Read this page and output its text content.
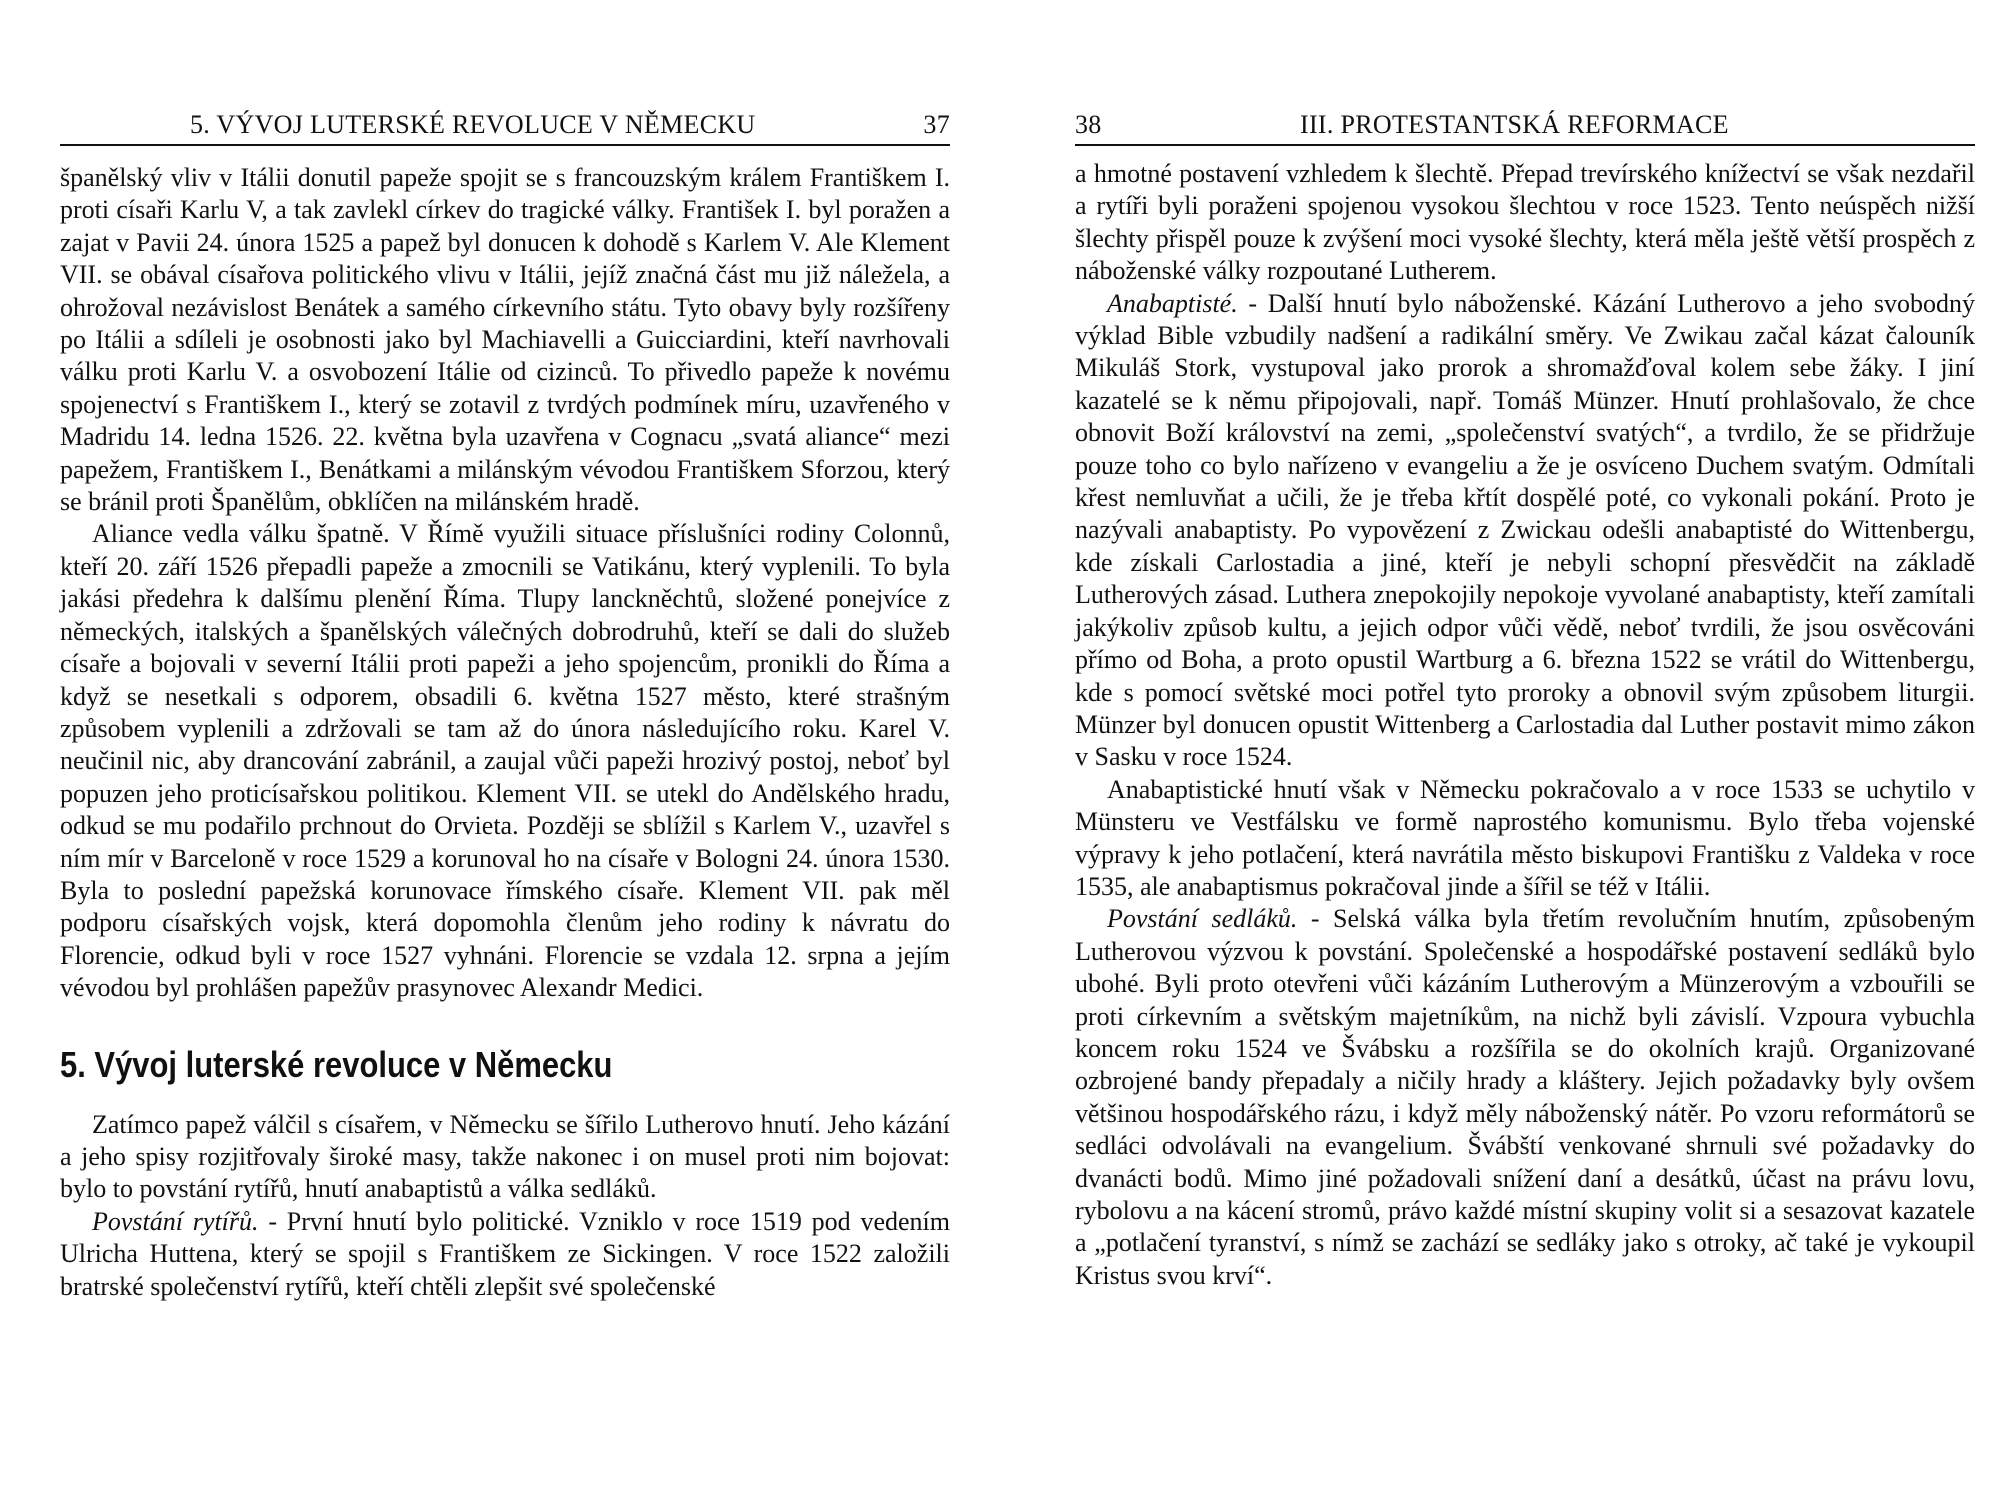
5. VÝVOJ LUTERSKÉ REVOLUCE V NĚMECKU	37

španělský vliv v Itálii donutil papeže spojit se s francouzským králem Františkem I. proti císaři Karlu V, a tak zavlekl církev do tragické války. František I. byl poražen a zajat v Pavii 24. února 1525 a papež byl donucen k dohodě s Karlem V. Ale Klement VII. se obával císařova politického vlivu v Itálii, jejíž značná část mu již náležela, a ohrožoval nezávislost Benátek a samého církevního státu. Tyto obavy byly rozšířeny po Itálii a sdíleli je osobnosti jako byl Machiavelli a Guicciardini, kteří navrhovali válku proti Karlu V. a osvobození Itálie od cizinců. To přivedlo papeže k novému spojenectví s Františkem I., který se zotavil z tvrdých podmínek míru, uzavřeného v Madridu 14. ledna 1526. 22. května byla uzavřena v Cognacu „svatá aliance“ mezi papežem, Františkem I., Benátkami a milánským vévodou Františkem Sforzou, který se bránil proti Španělům, obklíčen na milánském hradě.

Aliance vedla válku špatně. V Římě využili situace příslušníci rodiny Colonnů, kteří 20. září 1526 přepadli papeže a zmocnili se Vatikánu, který vyplenili. To byla jakási předehra k dalšímu plenění Říma. Tlupy lanckněchtů, složené ponejvíce z německých, italských a španělských válečných dobrodruhů, kteří se dali do služeb císaře a bojovali v severní Itálii proti papeži a jeho spojencům, pronikli do Říma a když se nesetkali s odporem, obsadili 6. května 1527 město, které strašným způsobem vyplenili a zdržovali se tam až do února následujícího roku. Karel V. neučinil nic, aby drancování zabránil, a zaujal vůči papeži hrozivý postoj, neboť byl popuzen jeho proticísařskou politikou. Klement VII. se utekl do Andělského hradu, odkud se mu podařilo prchnout do Orvieta. Později se sblížil s Karlem V., uzavřel s ním mír v Barceloně v roce 1529 a korunoval ho na císaře v Bologni 24. února 1530. Byla to poslední papežská korunovace římského císaře. Klement VII. pak měl podporu císařských vojsk, která dopomohla členům jeho rodiny k návratu do Florencie, odkud byli v roce 1527 vyhnáni. Florencie se vzdala 12. srpna a jejím vévodou byl prohlášen papežův prasynovec Alexandr Medici.

5. Vývoj luterské revoluce v Německu

Zatímco papež válčil s císařem, v Německu se šířilo Lutherovo hnutí. Jeho kázání a jeho spisy rozjitřovaly široké masy, takže nakonec i on musel proti nim bojovat: bylo to povstání rytířů, hnutí anabaptistů a válka sedláků.

Povstání rytířů. - První hnutí bylo politické. Vzniklo v roce 1519 pod vedením Ulricha Huttena, který se spojil s Františkem ze Sickingen. V roce 1522 založili bratrské společenství rytířů, kteří chtěli zlepšit své společenské

38	III. PROTESTANTSKÁ REFORMACE

a hmotné postavení vzhledem k šlechtě. Přepad trevírského knížectví se však nezdařil a rytíři byli poraženi spojenou vysokou šlechtou v roce 1523. Tento neúspěch nižší šlechty přispěl pouze k zvýšení moci vysoké šlechty, která měla ještě větší prospěch z náboženské války rozpoutané Lutherem.

Anabaptisté. - Další hnutí bylo náboženské. Kázání Lutherovo a jeho svobodný výklad Bible vzbudily nadšení a radikální směry. Ve Zwikau začal kázat čalouník Mikuláš Stork, vystupoval jako prorok a shromažďoval kolem sebe žáky. I jiní kazatelé se k němu připojovali, např. Tomáš Münzer. Hnutí prohlašovalo, že chce obnovit Boží království na zemi, „společenství svatých“, a tvrdilo, že se přidržuje pouze toho co bylo nařízeno v evangeliu a že je osvíceno Duchem svatým. Odmítali křest nemluvňat a učili, že je třeba křtít dospělé poté, co vykonali pokání. Proto je nazývali anabaptisty. Po vypovězení z Zwickau odešli anabaptisté do Wittenbergu, kde získali Carlostadia a jiné, kteří je nebyli schopní přesvědčit na základě Lutherových zásad. Luthera znepokojily nepokoje vyvolané anabaptisty, kteří zamítali jakýkoliv způsob kultu, a jejich odpor vůči vědě, neboť tvrdili, že jsou osvěcováni přímo od Boha, a proto opustil Wartburg a 6. března 1522 se vrátil do Wittenbergu, kde s pomocí světské moci potřel tyto proroky a obnovil svým způsobem liturgii. Münzer byl donucen opustit Wittenberg a Carlostadia dal Luther postavit mimo zákon v Sasku v roce 1524.

Anabaptistické hnutí však v Německu pokračovalo a v roce 1533 se uchytilo v Münsteru ve Vestfálsku ve formě naprostého komunismu. Bylo třeba vojenské výpravy k jeho potlačení, která navrátila město biskupovi Františku z Valdeka v roce 1535, ale anabaptismus pokračoval jinde a šířil se též v Itálii.

Povstání sedláků. - Selská válka byla třetím revolučním hnutím, způsobeným Lutherovou výzvou k povstání. Společenské a hospodářské postavení sedláků bylo ubohé. Byli proto otevřeni vůči kázáním Lutherovým a Münzerovým a vzbouřili se proti církevním a světským majetníkům, na nichž byli závislí. Vzpoura vybuchla koncem roku 1524 ve Švábsku a rozšířila se do okolních krajů. Organizované ozbrojené bandy přepadaly a ničily hrady a kláštery. Jejich požadavky byly ovšem většinou hospodářského rázu, i když měly náboženský nátěr. Po vzoru reformátorů se sedláci odvolávali na evangelium. Švábští venkované shrnuli své požadavky do dvanácti bodů. Mimo jiné požadovali snížení daní a desátků, účast na právu lovu, rybolovu a na kácení stromů, právo každé místní skupiny volit si a sesazovat kazatele a „potlačení tyranství, s nímž se zachází se sedláky jako s otroky, ač také je vykoupil Kristus svou krví“.
